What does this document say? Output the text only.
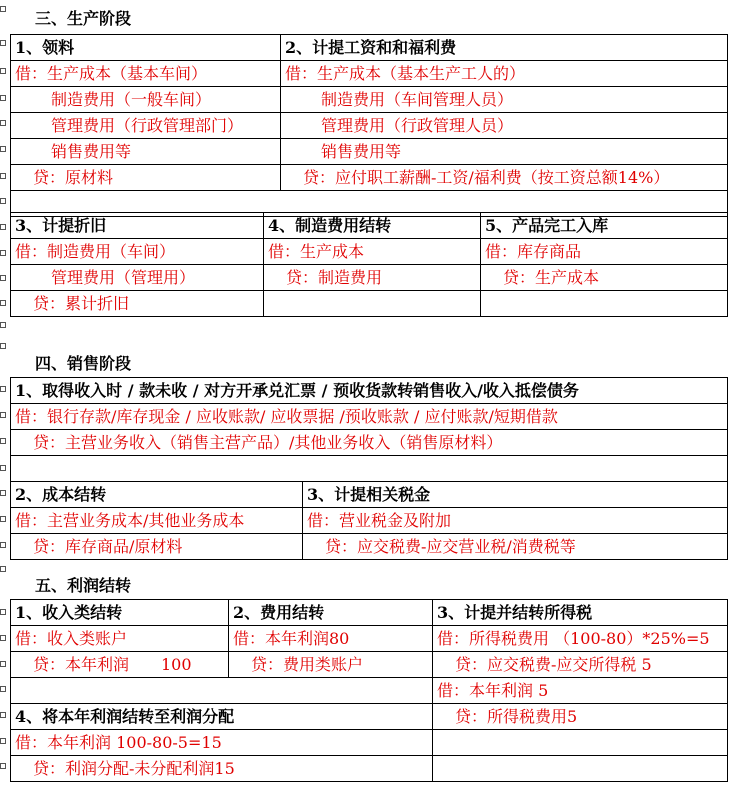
三、生产阶段
1、领料	2、计提工资和和福利费
借：生产成本（基本车间）	借：生产成本（基本生产工人的）
制造费用（一般车间）	制造费用（车间管理人员）
管理费用（行政管理部门）	管理费用（行政管理人员）
销售费用等	销售费用等
贷：原材料	贷：应付职工薪酬-工资/福利费（按工资总额14%）

3、计提折旧	4、制造费用结转	5、产品完工入库
借：制造费用（车间）	借：生产成本	借：库存商品
管理费用（管理用）	贷：制造费用	贷：生产成本
贷：累计折旧		
四、销售阶段
1、取得收入时 / 款未收 / 对方开承兑汇票 / 预收货款转销售收入/收入抵偿债务
借：银行存款/库存现金 / 应收账款/ 应收票据 /预收账款 / 应付账款/短期借款
贷：主营业务收入（销售主营产品）/其他业务收入（销售原材料）

2、成本结转	3、计提相关税金
借：主营业务成本/其他业务成本	借：营业税金及附加
贷：库存商品/原材料	贷：应交税费-应交营业税/消费税等
五、利润结转
1、收入类结转	2、费用结转	3、计提并结转所得税
借：收入类账户	借：本年利润80	借：所得税费用 （100-80）*25%=5
贷：本年利润　　100	贷：费用类账户	贷：应交税费-应交所得税 5
		借：本年利润 5
4、将本年利润结转至利润分配		贷：所得税费用5
借：本年利润 100-80-5=15		
贷：利润分配-未分配利润15		
